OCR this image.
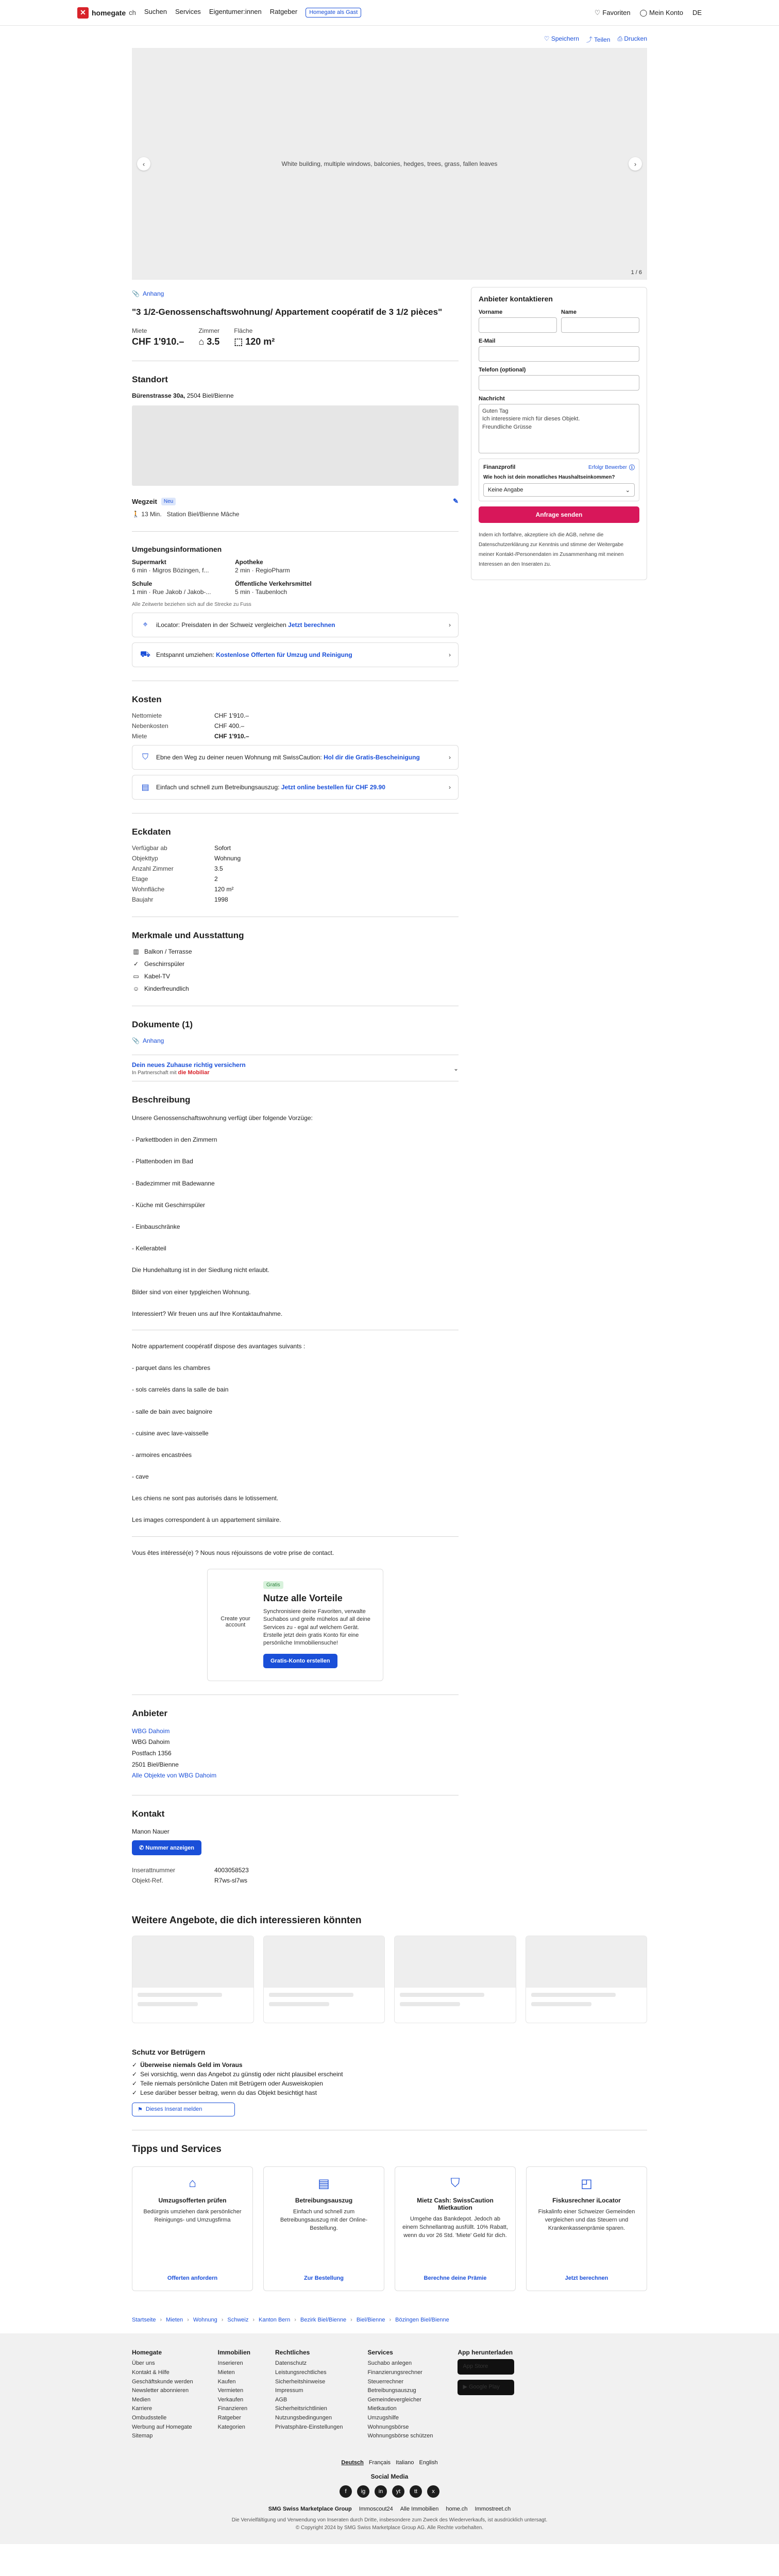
✕ homegate ch Suchen Services Eigentumer:innen Ratgeber	Homegate als Gast	♡ Favoriten ◯ Mein Konto DE
♡ Speichern ⤴ Teilen ⎙ Drucken
‹	White building, multiple windows, balconies, hedges, trees, grass, fallen leaves	›
1 / 6
📎 Anhang
"3 1/2-Genossenschaftswohnung/ Appartement coopératif de 3 1/2 pièces"
Miete
CHF 1'910.–
Zimmer
⌂ 3.5
Fläche
⬚ 120 m²
Standort
Bürenstrasse 30a, 2504 Biel/Bienne
Wegzeit	Neu	✎
🚶 13 Min. Station Biel/Bienne Mâche
Umgebungsinformationen
Supermarkt
6 min · Migros Bözingen, f...
Apotheke
2 min · RegioPharm
Schule
1 min · Rue Jakob / Jakob-...
Öffentliche Verkehrsmittel
5 min · Taubenloch
Alle Zeitwerte beziehen sich auf die Strecke zu Fuss
⌖	iLocator: Preisdaten in der Schweiz vergleichen Jetzt berechnen	›
⛟ Entspannt umziehen: Kostenlose Offerten für Umzug und Reinigung	›
Kosten
Nettomiete	CHF 1'910.–
Nebenkosten	CHF 400.–
Miete	CHF 1'910.–
⛉	Ebne den Weg zu deiner neuen Wohnung mit SwissCaution: Hol dir die Gratis-Bescheinigung	›
▤ Einfach und schnell zum Betreibungsauszug: Jetzt online bestellen für CHF 29.90	›
Eckdaten
Verfügbar ab	Sofort
Objekttyp	Wohnung
Anzahl Zimmer	3.5
Etage	2
Wohnfläche	120 m²
Baujahr	1998
Merkmale und Ausstattung
▥ Balkon / Terrasse
✓ Geschirrspüler
▭ Kabel-TV
☺ Kinderfreundlich
Dokumente (1)
📎 Anhang
Dein neues Zuhause richtig versichern
In Partnerschaft mit die Mobiliar
⌄
Beschreibung

Unsere Genossenschaftswohnung verfügt über folgende Vorzüge:

- Parkettboden in den Zimmern

- Plattenboden im Bad

- Badezimmer mit Badewanne

- Küche mit Geschirrspüler

- Einbauschränke

- Kellerabteil

Die Hundehaltung ist in der Siedlung nicht erlaubt.

Bilder sind von einer typgleichen Wohnung.

Interessiert? Wir freuen uns auf Ihre Kontaktaufnahme.

Notre appartement coopératif dispose des avantages suivants :

- parquet dans les chambres

- sols carrelés dans la salle de bain

- salle de bain avec baignoire

- cuisine avec lave-vaisselle

- armoires encastrées

- cave

Les chiens ne sont pas autorisés dans le lotissement.

Les images correspondent à un appartement similaire.

Vous êtes intéressé(e) ? Nous nous réjouissons de votre prise de contact.

Create your account
Gratis
Nutze alle Vorteile

Synchronisiere deine Favoriten, verwalte Suchabos und greife mühelos auf all deine Services zu - egal auf welchem Gerät. Erstelle jetzt dein gratis Konto für eine persönliche Immobiliensuche!

Gratis-Konto erstellen
Anbieter
WBG Dahoim
WBG Dahoim
Postfach 1356
2501 Biel/Bienne
Alle Objekte von WBG Dahoim
Kontakt
Manon Nauer
✆ Nummer anzeigen
Inserattnummer	4003058523
Objekt-Ref.	R7ws-sl7ws
Anbieter kontaktieren
Vorname	Name
E-Mail
Telefon (optional)
Nachricht
Guten Tag
Ich interessiere mich für dieses Objekt.
Freundliche Grüsse
Finanzprofil	Erfolgr Bewerber ⓘ
Wie hoch ist dein monatliches Haushaltseinkommen?
Keine Angabe	⌄
Anfrage senden
Indem ich fortfahre, akzeptiere ich die AGB, nehme die Datenschutzerklärung zur Kenntnis und stimme der Weitergabe meiner Kontakt-/Personendaten im Zusammenhang mit meinen Interessen an den Inseraten zu.
Weitere Angebote, die dich interessieren könnten
Schutz vor Betrügern
✓ Überweise niemals Geld im Voraus
✓ Sei vorsichtig, wenn das Angebot zu günstig oder nicht plausibel erscheint
✓ Teile niemals persönliche Daten mit Betrügern oder Ausweiskopien
✓ Lese darüber besser beitrag, wenn du das Objekt besichtigt hast
⚑ Dieses Inserat melden
Tipps und Services
⌂
Umzugsofferten prüfen

Bedürgnis umziehen dank persönlicher Reinigungs- und Umzugsfirma

Offerten anfordern
▤
Betreibungsauszug

Einfach und schnell zum Betreibungsauszug mit der Online-Bestellung.

Zur Bestellung
⛉
Mietz Cash: SwissCaution Mietkaution

Umgehe das Bankdepot. Jedoch ab einem Schnellantrag ausfüllt. 10% Rabatt, wenn du vor 26 Std. 'Miete' Geld für dich.

Berechne deine Prämie
◰
Fiskusrechner iLocator

Fiskalinfo einer Schweizer Gemeinden vergleichen und das Steuern und Krankenkassenprämie sparen.

Jetzt berechnen
Startseite › Mieten › Wohnung › Schweiz › Kanton Bern › Bezirk Biel/Bienne › Biel/Bienne › Bözingen Biel/Bienne
Homegate
Über uns
Kontakt & Hilfe
Geschäftskunde werden
Newsletter abonnieren
Medien
Karriere
Ombudsstelle
Werbung auf Homegate
Sitemap
Immobilien
Inserieren
Mieten
Kaufen
Vermieten
Verkaufen
Finanzieren
Ratgeber
Kategorien
Rechtliches
Datenschutz
Leistungsrechtliches
Sicherheitshinweise
Impressum
AGB
Sicherheitsrichtlinien
Nutzungsbedingungen
Privatsphäre-Einstellungen
Services
Suchabo anlegen
Finanzierungsrechner
Steuerrechner
Betreibungsauszug
Gemeindevergleicher
Mietkaution
Umzugshilfe
Wohnungsbörse
Wohnungsbörse schützen
App herunterladen
App Store
▶ Google Play
Deutsch Français Italiano English
Social Media
f	ig	in	yt	tt	x
SMG Swiss Marketplace Group Immoscout24 Alle Immobilien home.ch Immostreet.ch
Die Vervielfältigung und Verwendung von Inseraten durch Dritte, insbesondere zum Zweck des Wiederverkaufs, ist ausdrücklich untersagt.
© Copyright 2024 by SMG Swiss Marketplace Group AG. Alle Rechte vorbehalten.
